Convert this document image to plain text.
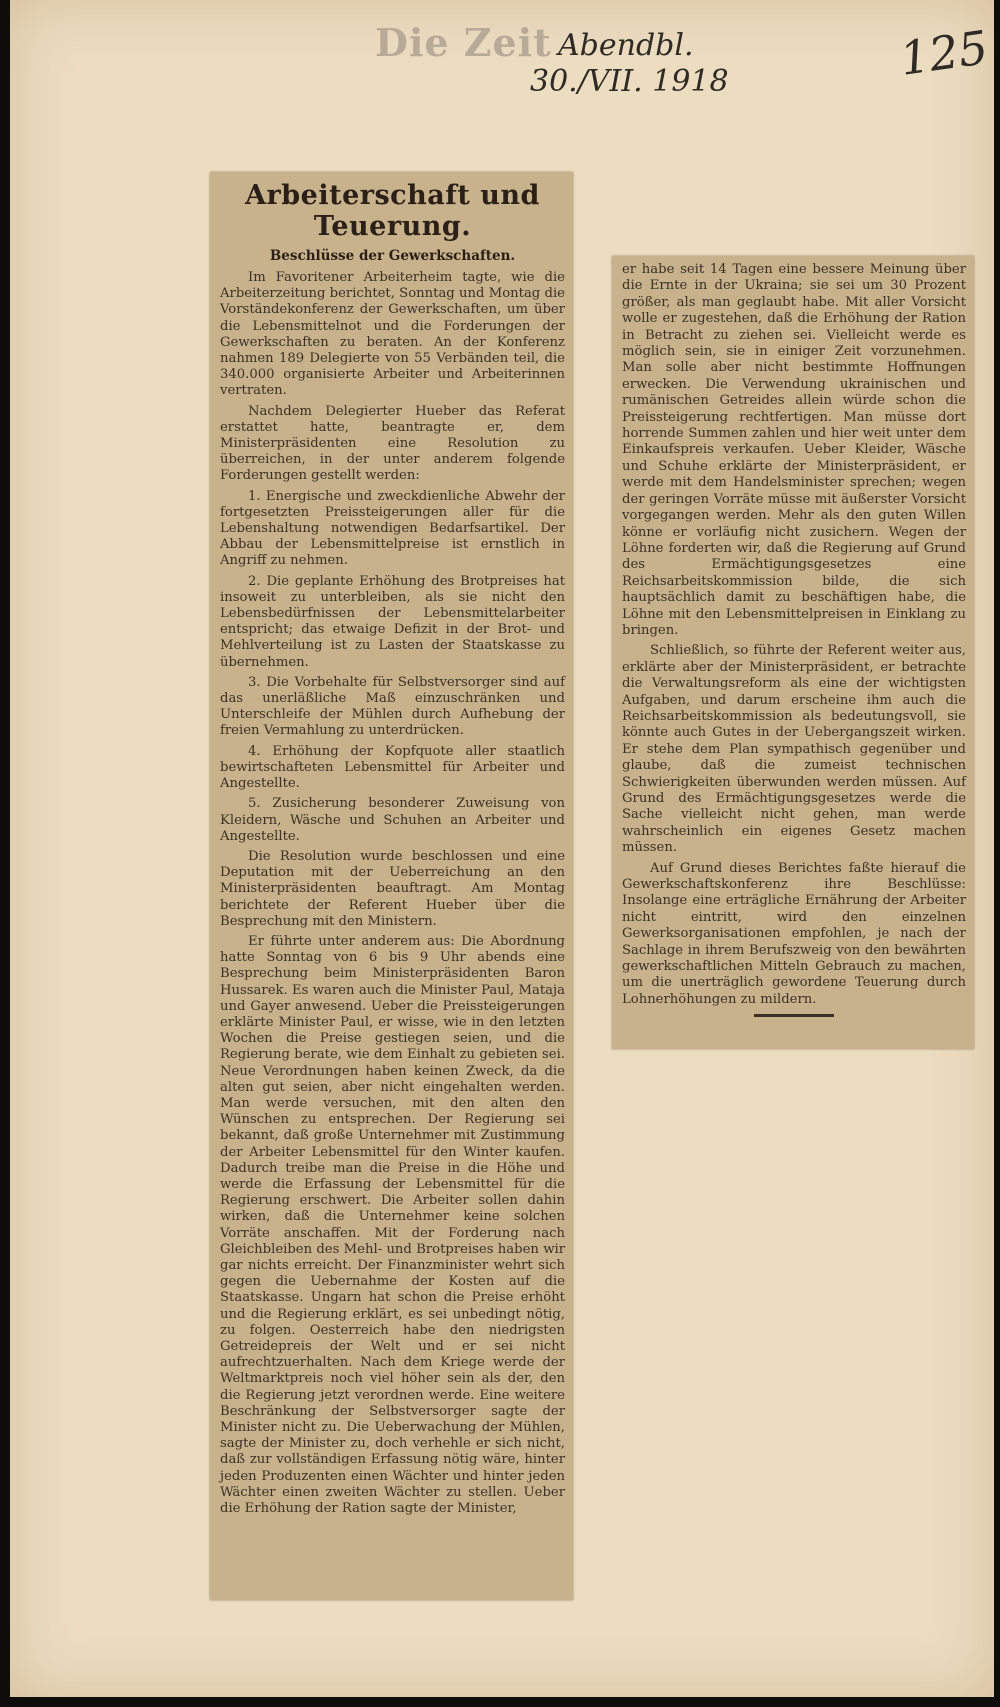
Die Zeit Abendbl.
30./VII. 1918	125
Arbeiterschaft und Teuerung.
Beschlüsse der Gewerkschaften.

Im Favoritener Arbeiterheim tagte, wie die Arbeiterzeitung berichtet, Sonntag und Montag die Vorständekonferenz der Gewerkschaften, um über die Lebensmittelnot und die Forderungen der Gewerkschaften zu beraten. An der Konferenz nahmen 189 Delegierte von 55 Verbänden teil, die 340.000 organisierte Arbeiter und Arbeiterinnen vertraten.

Nachdem Delegierter Hueber das Referat erstattet hatte, beantragte er, dem Ministerpräsidenten eine Resolution zu überreichen, in der unter anderem folgende Forderungen gestellt werden:

1. Energische und zweckdienliche Abwehr der fortgesetzten Preissteigerungen aller für die Lebenshaltung notwendigen Bedarfsartikel. Der Abbau der Lebensmittelpreise ist ernstlich in Angriff zu nehmen.

2. Die geplante Erhöhung des Brotpreises hat insoweit zu unterbleiben, als sie nicht den Lebensbedürfnissen der Lebensmittelarbeiter entspricht; das etwaige Defizit in der Brot- und Mehlverteilung ist zu Lasten der Staatskasse zu übernehmen.

3. Die Vorbehalte für Selbstversorger sind auf das unerläßliche Maß einzuschränken und Unterschleife der Mühlen durch Aufhebung der freien Vermahlung zu unterdrücken.

4. Erhöhung der Kopfquote aller staatlich bewirtschafteten Lebensmittel für Arbeiter und Angestellte.

5. Zusicherung besonderer Zuweisung von Kleidern, Wäsche und Schuhen an Arbeiter und Angestellte.

Die Resolution wurde beschlossen und eine Deputation mit der Ueberreichung an den Ministerpräsidenten beauftragt. Am Montag berichtete der Referent Hueber über die Besprechung mit den Ministern.

Er führte unter anderem aus: Die Abordnung hatte Sonntag von 6 bis 9 Uhr abends eine Besprechung beim Ministerpräsidenten Baron Hussarek. Es waren auch die Minister Paul, Mataja und Gayer anwesend. Ueber die Preissteigerungen erklärte Minister Paul, er wisse, wie in den letzten Wochen die Preise gestiegen seien, und die Regierung berate, wie dem Einhalt zu gebieten sei. Neue Verordnungen haben keinen Zweck, da die alten gut seien, aber nicht eingehalten werden. Man werde versuchen, mit den alten den Wünschen zu entsprechen. Der Regierung sei bekannt, daß große Unternehmer mit Zustimmung der Arbeiter Lebensmittel für den Winter kaufen. Dadurch treibe man die Preise in die Höhe und werde die Erfassung der Lebensmittel für die Regierung erschwert. Die Arbeiter sollen dahin wirken, daß die Unternehmer keine solchen Vorräte anschaffen. Mit der Forderung nach Gleichbleiben des Mehl- und Brotpreises haben wir gar nichts erreicht. Der Finanzminister wehrt sich gegen die Uebernahme der Kosten auf die Staatskasse. Ungarn hat schon die Preise erhöht und die Regierung erklärt, es sei unbedingt nötig, zu folgen. Oesterreich habe den niedrigsten Getreidepreis der Welt und er sei nicht aufrechtzuerhalten. Nach dem Kriege werde der Weltmarktpreis noch viel höher sein als der, den die Regierung jetzt verordnen werde. Eine weitere Beschränkung der Selbstversorger sagte der Minister nicht zu. Die Ueberwachung der Mühlen, sagte der Minister zu, doch verhehle er sich nicht, daß zur vollständigen Erfassung nötig wäre, hinter jeden Produzenten einen Wächter und hinter jeden Wächter einen zweiten Wächter zu stellen. Ueber die Erhöhung der Ration sagte der Minister,

er habe seit 14 Tagen eine bessere Meinung über die Ernte in der Ukraina; sie sei um 30 Prozent größer, als man geglaubt habe. Mit aller Vorsicht wolle er zugestehen, daß die Erhöhung der Ration in Betracht zu ziehen sei. Vielleicht werde es möglich sein, sie in einiger Zeit vorzunehmen. Man solle aber nicht bestimmte Hoffnungen erwecken. Die Verwendung ukrainischen und rumänischen Getreides allein würde schon die Preissteigerung rechtfertigen. Man müsse dort horrende Summen zahlen und hier weit unter dem Einkaufspreis verkaufen. Ueber Kleider, Wäsche und Schuhe erklärte der Ministerpräsident, er werde mit dem Handelsminister sprechen; wegen der geringen Vorräte müsse mit äußerster Vorsicht vorgegangen werden. Mehr als den guten Willen könne er vorläufig nicht zusichern. Wegen der Löhne forderten wir, daß die Regierung auf Grund des Ermächtigungsgesetzes eine Reichsarbeitskommission bilde, die sich hauptsächlich damit zu beschäftigen habe, die Löhne mit den Lebensmittelpreisen in Einklang zu bringen.

Schließlich, so führte der Referent weiter aus, erklärte aber der Ministerpräsident, er betrachte die Verwaltungsreform als eine der wichtigsten Aufgaben, und darum erscheine ihm auch die Reichsarbeitskommission als bedeutungsvoll, sie könnte auch Gutes in der Uebergangszeit wirken. Er stehe dem Plan sympathisch gegenüber und glaube, daß die zumeist technischen Schwierigkeiten überwunden werden müssen. Auf Grund des Ermächtigungsgesetzes werde die Sache vielleicht nicht gehen, man werde wahrscheinlich ein eigenes Gesetz machen müssen.

Auf Grund dieses Berichtes faßte hierauf die Gewerkschaftskonferenz ihre Beschlüsse: Insolange eine erträgliche Ernährung der Arbeiter nicht eintritt, wird den einzelnen Gewerksorganisationen empfohlen, je nach der Sachlage in ihrem Berufszweig von den bewährten gewerkschaftlichen Mitteln Gebrauch zu machen, um die unerträglich gewordene Teuerung durch Lohnerhöhungen zu mildern.
